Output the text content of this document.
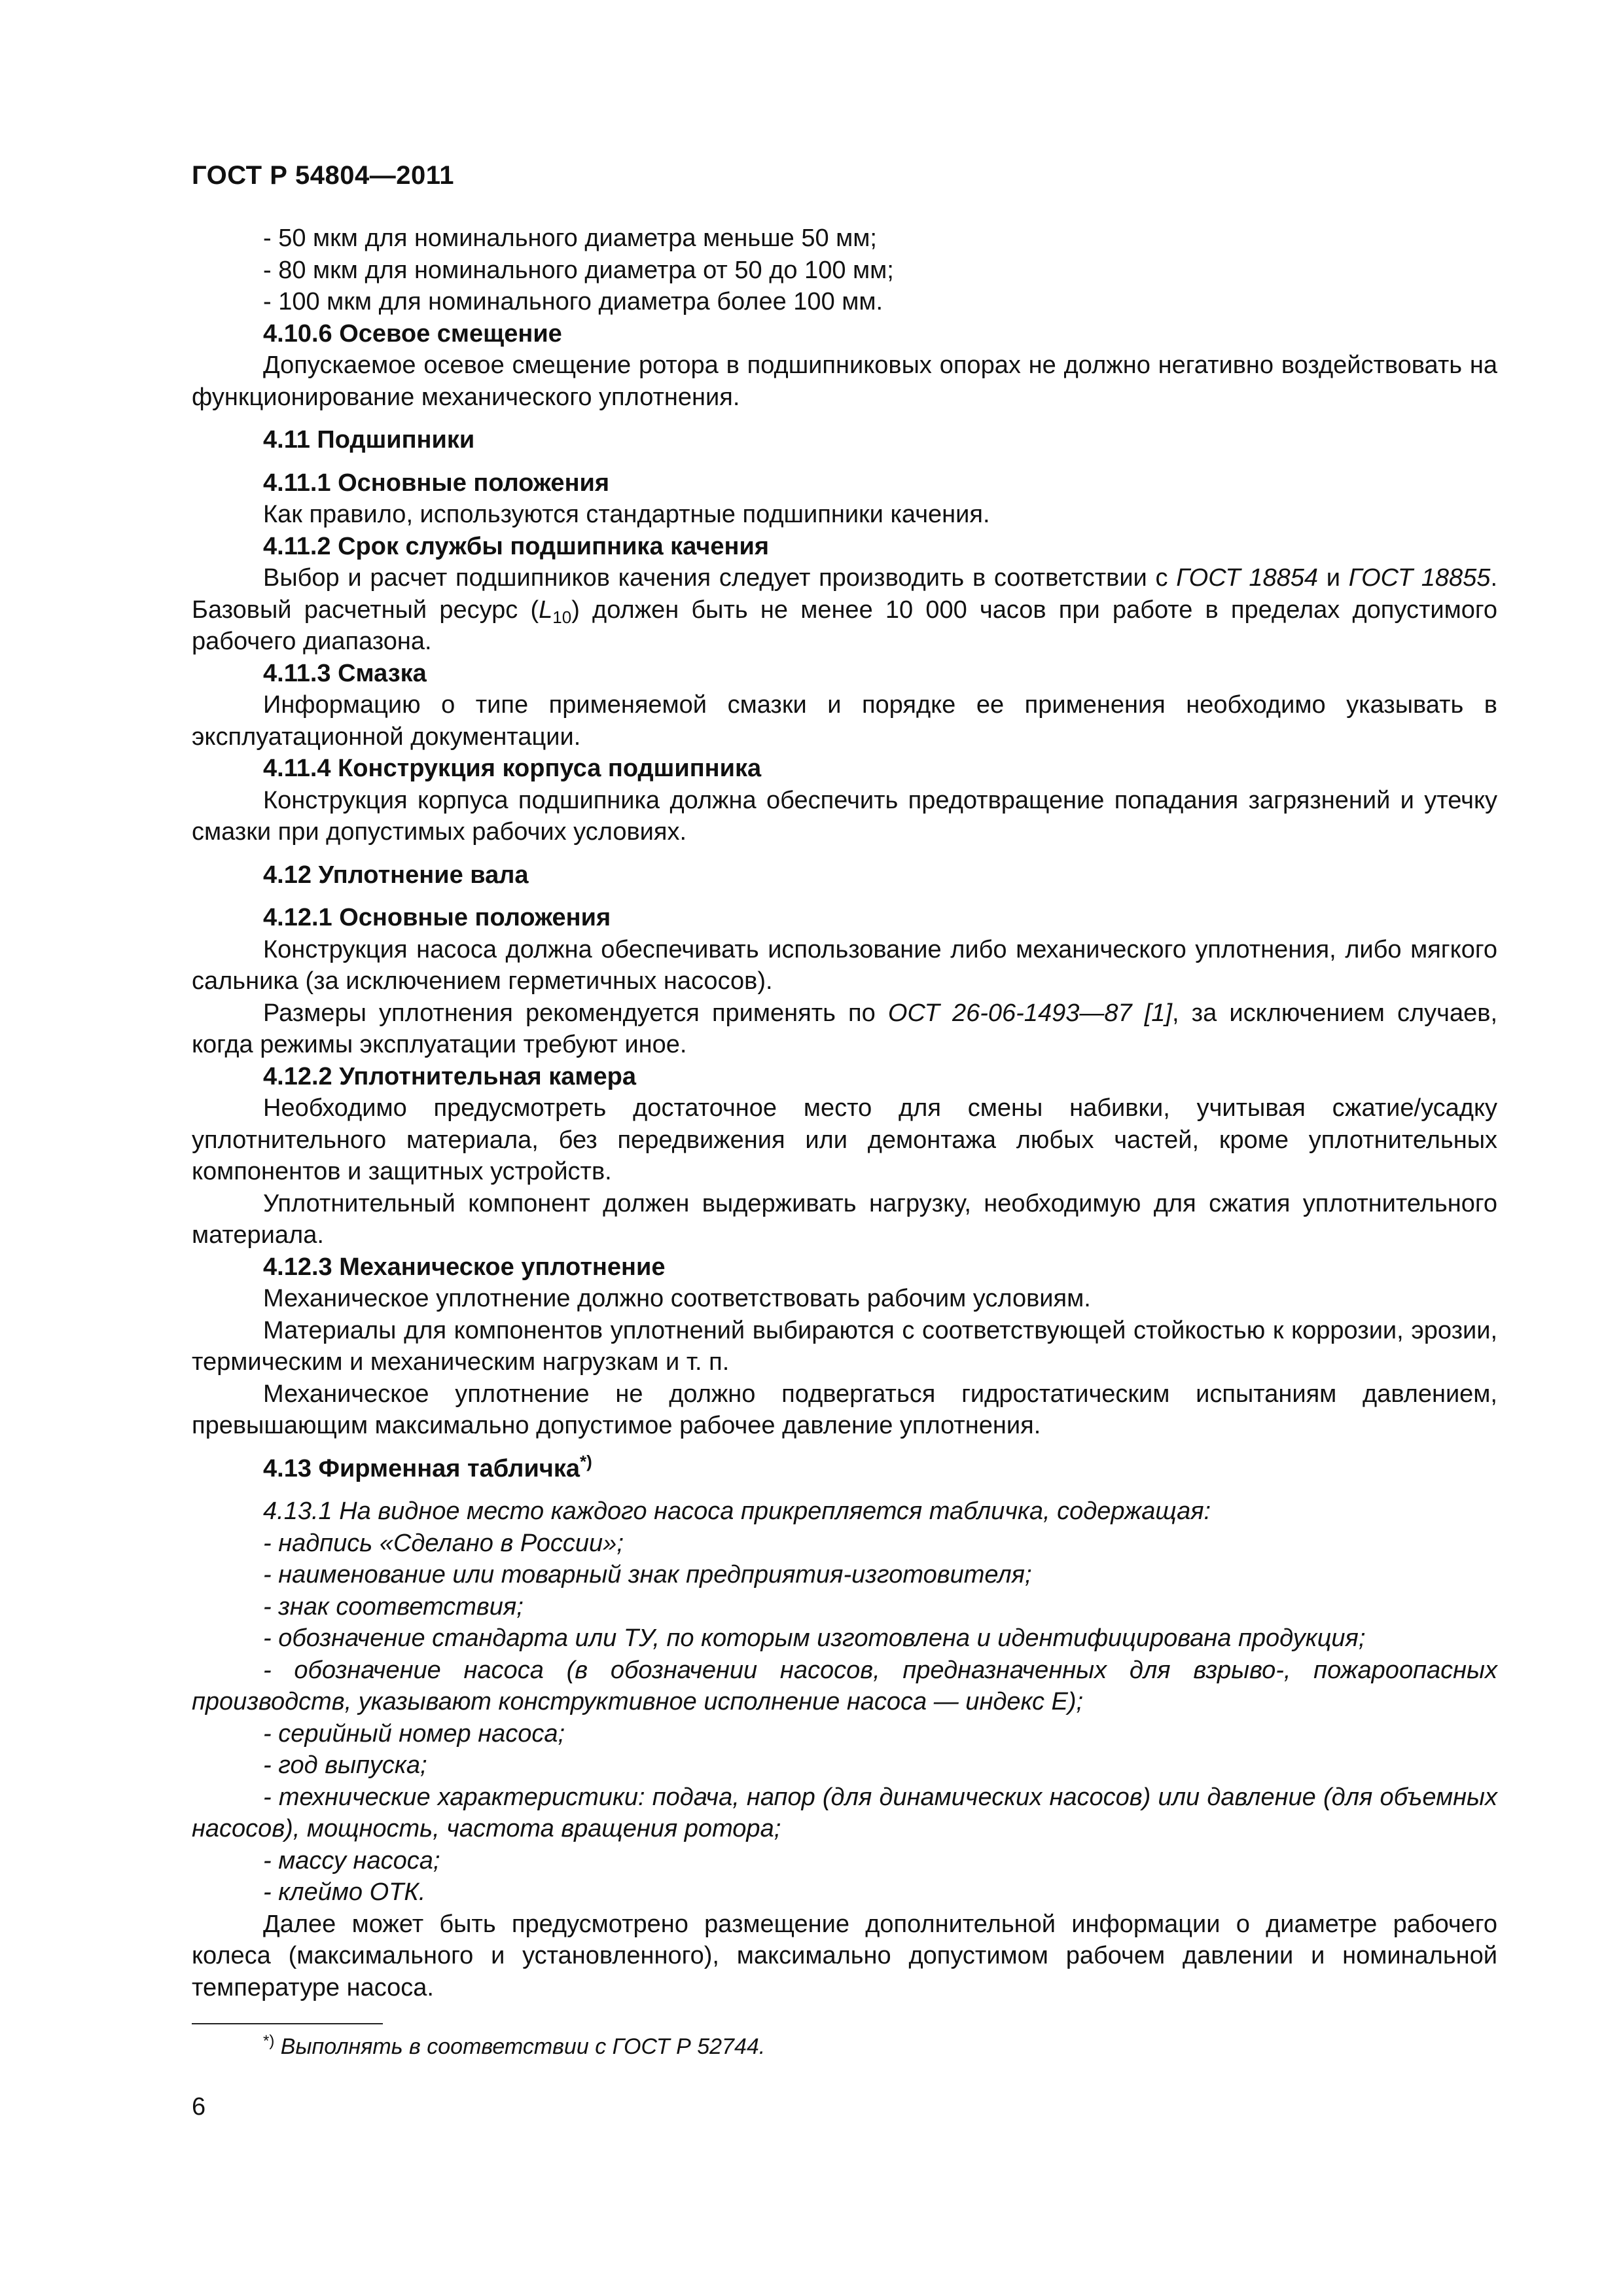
ГОСТ Р 54804—2011
- 50 мкм для номинального диаметра меньше 50 мм;
- 80 мкм для номинального диаметра от 50 до 100 мм;
- 100 мкм для номинального диаметра более 100 мм.
4.10.6 Осевое смещение

Допускаемое осевое смещение ротора в подшипниковых опорах не должно негативно воздействовать на функционирование механического уплотнения.

4.11 Подшипники
4.11.1 Основные положения

Как правило, используются стандартные подшипники качения.

4.11.2 Срок службы подшипника качения

Выбор и расчет подшипников качения следует производить в соответствии с ГОСТ 18854 и ГОСТ 18855. Базовый расчетный ресурс $(L_{10})$ должен быть не менее 10 000 часов при работе в пределах допустимого рабочего диапазона.

4.11.3 Смазка

Информацию о типе применяемой смазки и порядке ее применения необходимо указывать в эксплуатационной документации.

4.11.4 Конструкция корпуса подшипника

Конструкция корпуса подшипника должна обеспечить предотвращение попадания загрязнений и утечку смазки при допустимых рабочих условиях.

4.12 Уплотнение вала
4.12.1 Основные положения

Конструкция насоса должна обеспечивать использование либо механического уплотнения, либо мягкого сальника (за исключением герметичных насосов).

Размеры уплотнения рекомендуется применять по ОСТ 26-06-1493—87 [1], за исключением случаев, когда режимы эксплуатации требуют иное.

4.12.2 Уплотнительная камера

Необходимо предусмотреть достаточное место для смены набивки, учитывая сжатие/усадку уплотнительного материала, без передвижения или демонтажа любых частей, кроме уплотнительных компонентов и защитных устройств.

Уплотнительный компонент должен выдерживать нагрузку, необходимую для сжатия уплотнительного материала.

4.12.3 Механическое уплотнение

Механическое уплотнение должно соответствовать рабочим условиям.

Материалы для компонентов уплотнений выбираются с соответствующей стойкостью к коррозии, эрозии, термическим и механическим нагрузкам и т. п.

Механическое уплотнение не должно подвергаться гидростатическим испытаниям давлением, превышающим максимально допустимое рабочее давление уплотнения.

4.13 Фирменная табличка*)

4.13.1 На видное место каждого насоса прикрепляется табличка, содержащая:

- надпись «Сделано в России»;

- наименование или товарный знак предприятия-изготовителя;

- знак соответствия;

- обозначение стандарта или ТУ, по которым изготовлена и идентифицирована продукция;

- обозначение насоса (в обозначении насосов, предназначенных для взрыво-, пожароопасных производств, указывают конструктивное исполнение насоса — индекс Е);

- серийный номер насоса;

- год выпуска;

- технические характеристики: подача, напор (для динамических насосов) или давление (для объемных насосов), мощность, частота вращения ротора;

- массу насоса;

- клеймо ОТК.

Далее может быть предусмотрено размещение дополнительной информации о диаметре рабочего колеса (максимального и установленного), максимально допустимом рабочем давлении и номинальной температуре насоса.

*) Выполнять в соответствии с ГОСТ Р 52744.
6
